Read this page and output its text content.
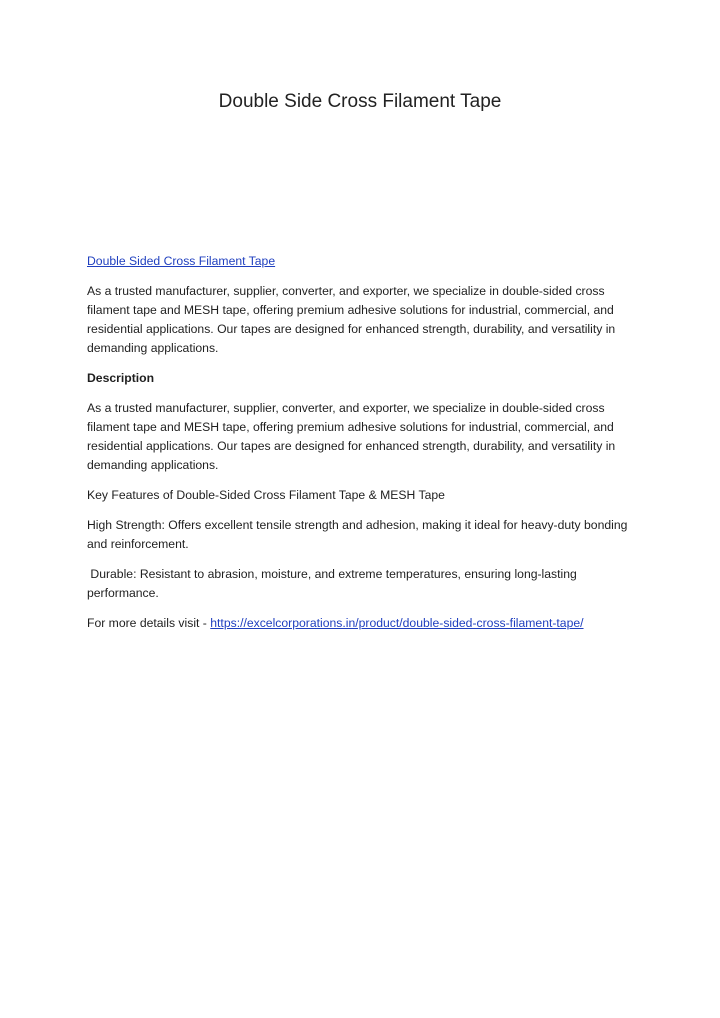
Double Side Cross Filament Tape

Double Sided Cross Filament Tape

As a trusted manufacturer, supplier, converter, and exporter, we specialize in double-sided cross filament tape and MESH tape, offering premium adhesive solutions for industrial, commercial, and residential applications. Our tapes are designed for enhanced strength, durability, and versatility in demanding applications.

Description

As a trusted manufacturer, supplier, converter, and exporter, we specialize in double-sided cross filament tape and MESH tape, offering premium adhesive solutions for industrial, commercial, and residential applications. Our tapes are designed for enhanced strength, durability, and versatility in demanding applications.

Key Features of Double-Sided Cross Filament Tape & MESH Tape

High Strength: Offers excellent tensile strength and adhesion, making it ideal for heavy-duty bonding and reinforcement.

Durable: Resistant to abrasion, moisture, and extreme temperatures, ensuring long-lasting performance.

For more details visit - https://excelcorporations.in/product/double-sided-cross-filament-tape/
